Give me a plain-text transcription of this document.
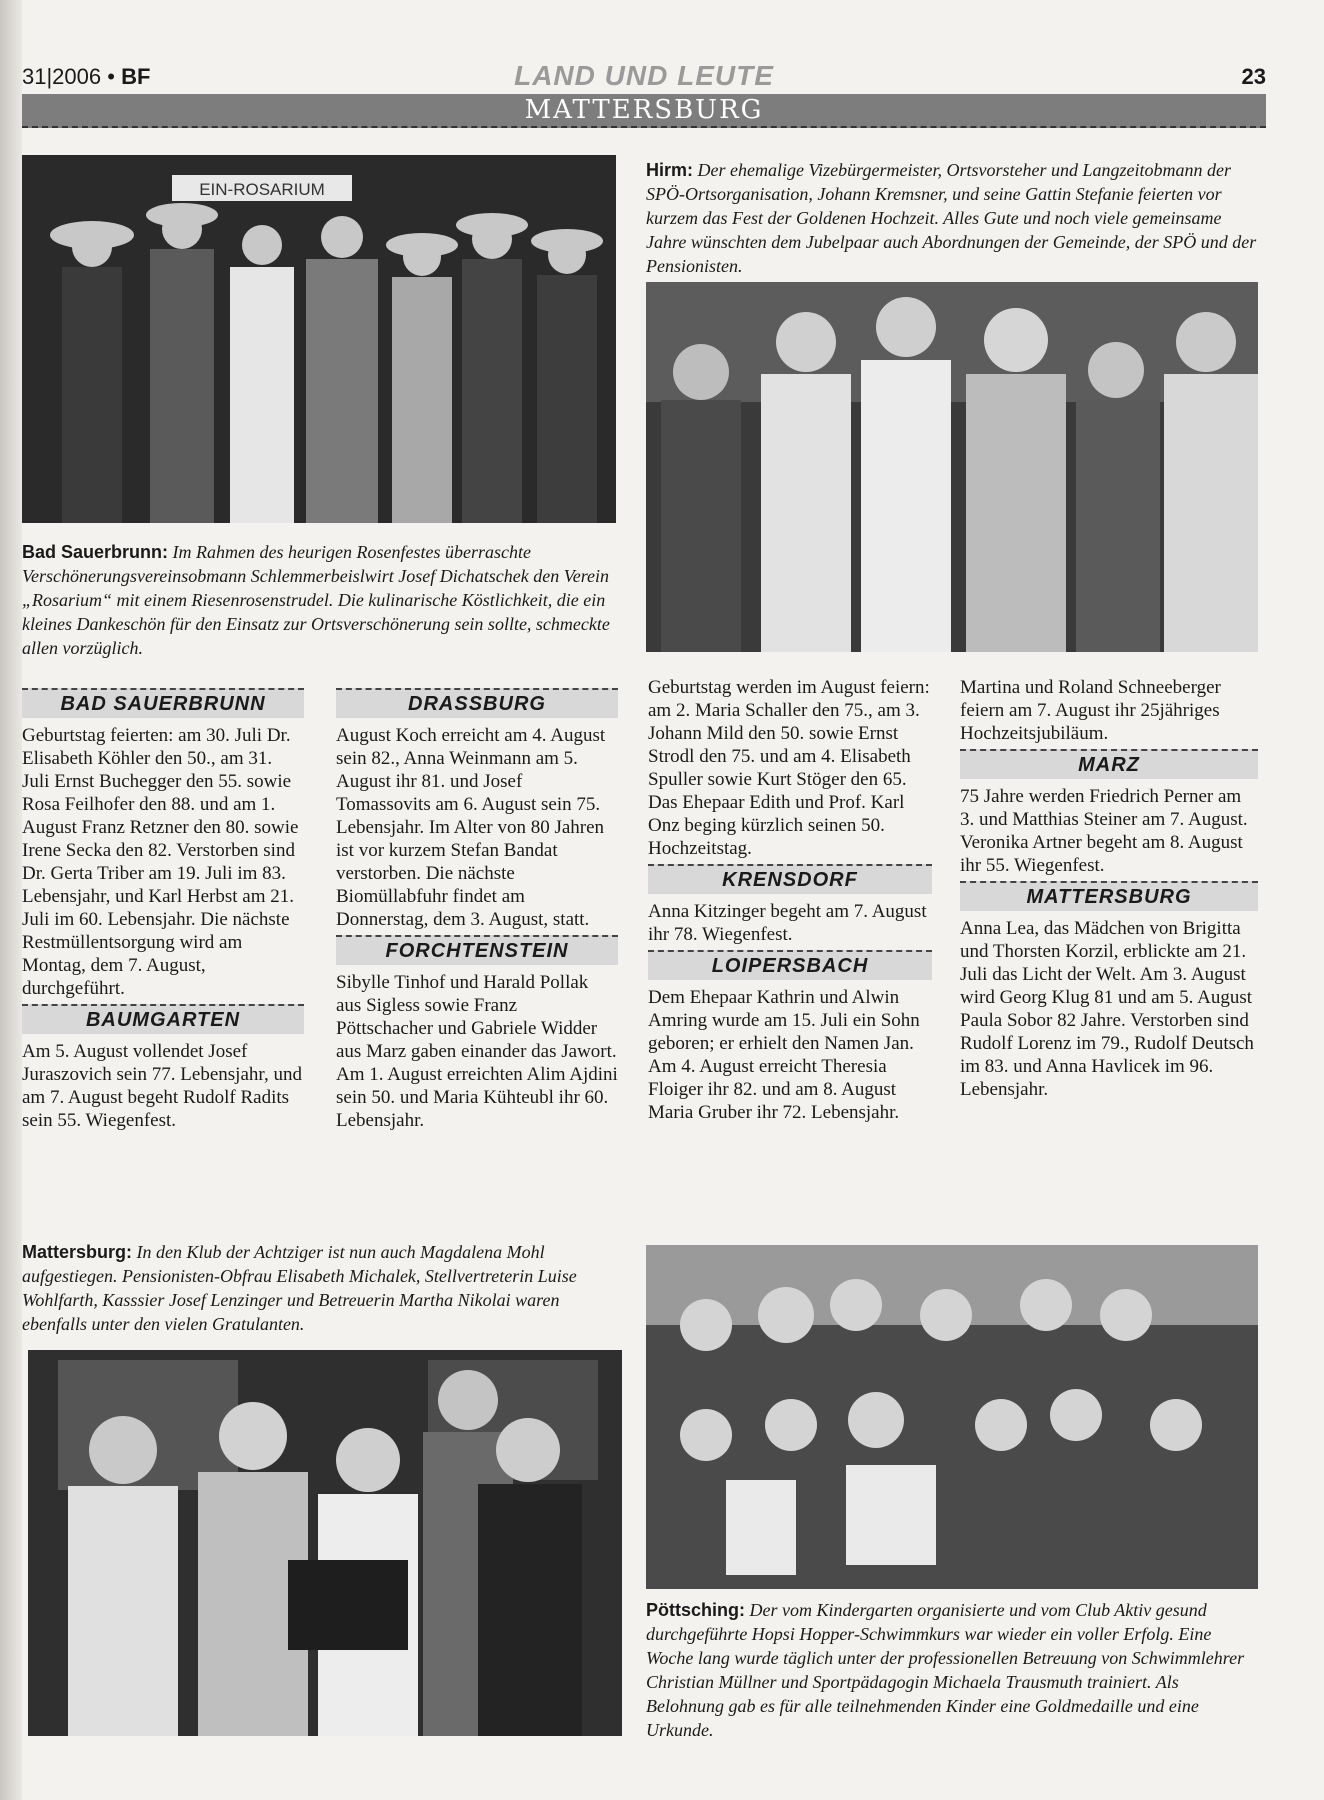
31|2006 • BF	LAND UND LEUTE	23
MATTERSBURG
EIN-ROSARIUM
Hirm: Der ehemalige Vizebürgermeister, Ortsvorsteher und Langzeitobmann der SPÖ-Ortsorganisation, Johann Kremsner, und seine Gattin Stefanie feierten vor kurzem das Fest der Goldenen Hochzeit. Alles Gute und noch viele gemeinsame Jahre wünschten dem Jubelpaar auch Abordnungen der Gemeinde, der SPÖ und der Pensionisten.
Bad Sauerbrunn: Im Rahmen des heurigen Rosenfestes überraschte Verschönerungsvereinsobmann Schlemmerbeislwirt Josef Dichatschek den Verein „Rosarium“ mit einem Riesenrosenstrudel. Die kulinarische Köstlichkeit, die ein kleines Dankeschön für den Einsatz zur Ortsverschönerung sein sollte, schmeckte allen vorzüglich.
BAD SAUERBRUNN

Geburtstag feierten: am 30. Juli Dr. Elisabeth Köhler den 50., am 31. Juli Ernst Buchegger den 55. sowie Rosa Feilhofer den 88. und am 1. August Franz Retzner den 80. sowie Irene Secka den 82. Verstorben sind Dr. Gerta Triber am 19. Juli im 83. Lebensjahr, und Karl Herbst am 21. Juli im 60. Lebensjahr. Die nächste Restmüllentsorgung wird am Montag, dem 7. August, durchgeführt.

BAUMGARTEN

Am 5. August vollendet Josef Juraszovich sein 77. Lebensjahr, und am 7. August begeht Rudolf Radits sein 55. Wiegenfest.

DRASSBURG

August Koch erreicht am 4. August sein 82., Anna Weinmann am 5. August ihr 81. und Josef Tomassovits am 6. August sein 75. Lebensjahr. Im Alter von 80 Jahren ist vor kurzem Stefan Bandat verstorben. Die nächste Biomüllabfuhr findet am Donnerstag, dem 3. August, statt.

FORCHTENSTEIN

Sibylle Tinhof und Harald Pollak aus Sigless sowie Franz Pöttschacher und Gabriele Widder aus Marz gaben einander das Jawort. Am 1. August erreichten Alim Ajdini sein 50. und Maria Kühteubl ihr 60. Lebensjahr.

Geburtstag werden im August feiern: am 2. Maria Schaller den 75., am 3. Johann Mild den 50. sowie Ernst Strodl den 75. und am 4. Elisabeth Spuller sowie Kurt Stöger den 65. Das Ehepaar Edith und Prof. Karl Onz beging kürzlich seinen 50. Hochzeitstag.

KRENSDORF

Anna Kitzinger begeht am 7. August ihr 78. Wiegenfest.

LOIPERSBACH

Dem Ehepaar Kathrin und Alwin Amring wurde am 15. Juli ein Sohn geboren; er erhielt den Namen Jan. Am 4. August erreicht Theresia Floiger ihr 82. und am 8. August Maria Gruber ihr 72. Lebensjahr.

Martina und Roland Schneeberger feiern am 7. August ihr 25jähriges Hochzeitsjubiläum.

MARZ

75 Jahre werden Friedrich Perner am 3. und Matthias Steiner am 7. August. Veronika Artner begeht am 8. August ihr 55. Wiegenfest.

MATTERSBURG

Anna Lea, das Mädchen von Brigitta und Thorsten Korzil, erblickte am 21. Juli das Licht der Welt. Am 3. August wird Georg Klug 81 und am 5. August Paula Sobor 82 Jahre. Verstorben sind Rudolf Lorenz im 79., Rudolf Deutsch im 83. und Anna Havlicek im 96. Lebensjahr.

Mattersburg: In den Klub der Achtziger ist nun auch Magdalena Mohl aufgestiegen. Pensionisten-Obfrau Elisabeth Michalek, Stellvertreterin Luise Wohlfarth, Kasssier Josef Lenzinger und Betreuerin Martha Nikolai waren ebenfalls unter den vielen Gratulanten.
Pöttsching: Der vom Kindergarten organisierte und vom Club Aktiv gesund durchgeführte Hopsi Hopper-Schwimmkurs war wieder ein voller Erfolg. Eine Woche lang wurde täglich unter der professionellen Betreuung von Schwimmlehrer Christian Müllner und Sportpädagogin Michaela Trausmuth trainiert. Als Belohnung gab es für alle teilnehmenden Kinder eine Goldmedaille und eine Urkunde.
